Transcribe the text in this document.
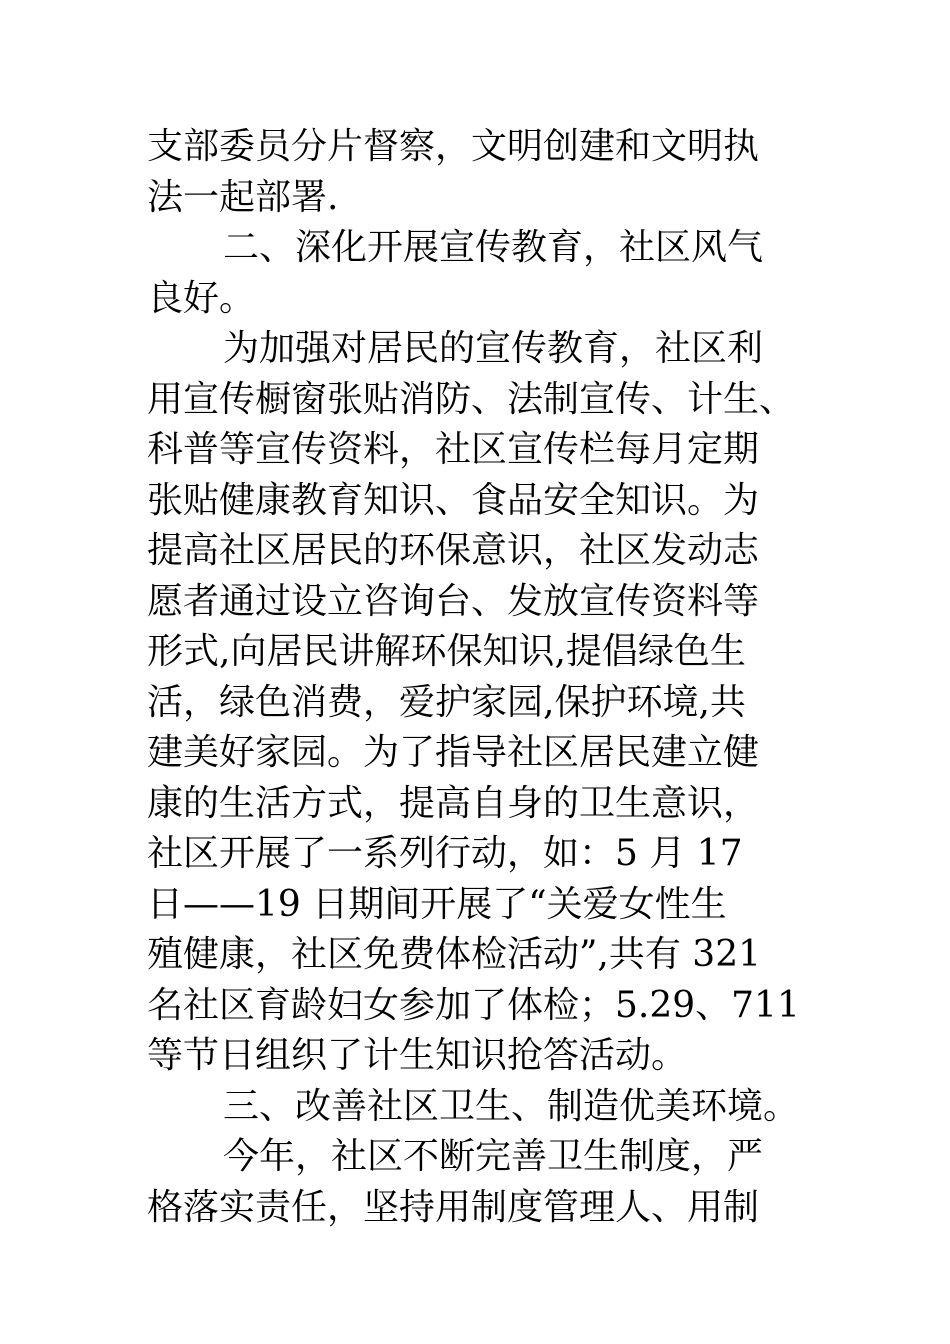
支部委员分片督察，文明创建和文明执
法一起部署.
二、深化开展宣传教育，社区风气
良好。
为加强对居民的宣传教育，社区利
用宣传橱窗张贴消防、法制宣传、计生、
科普等宣传资料，社区宣传栏每月定期
张贴健康教育知识、食品安全知识。为
提高社区居民的环保意识，社区发动志
愿者通过设立咨询台、发放宣传资料等
形式,向居民讲解环保知识,提倡绿色生
活，绿色消费，爱护家园,保护环境,共
建美好家园。为了指导社区居民建立健
康的生活方式，提高自身的卫生意识，
社区开展了一系列行动，如：5 月 17
日——19 日期间开展了“关爱女性生
殖健康，社区免费体检活动”,共有 321
名社区育龄妇女参加了体检；5.29、711
等节日组织了计生知识抢答活动。
三、改善社区卫生、制造优美环境。
今年，社区不断完善卫生制度，严
格落实责任，坚持用制度管理人、用制
